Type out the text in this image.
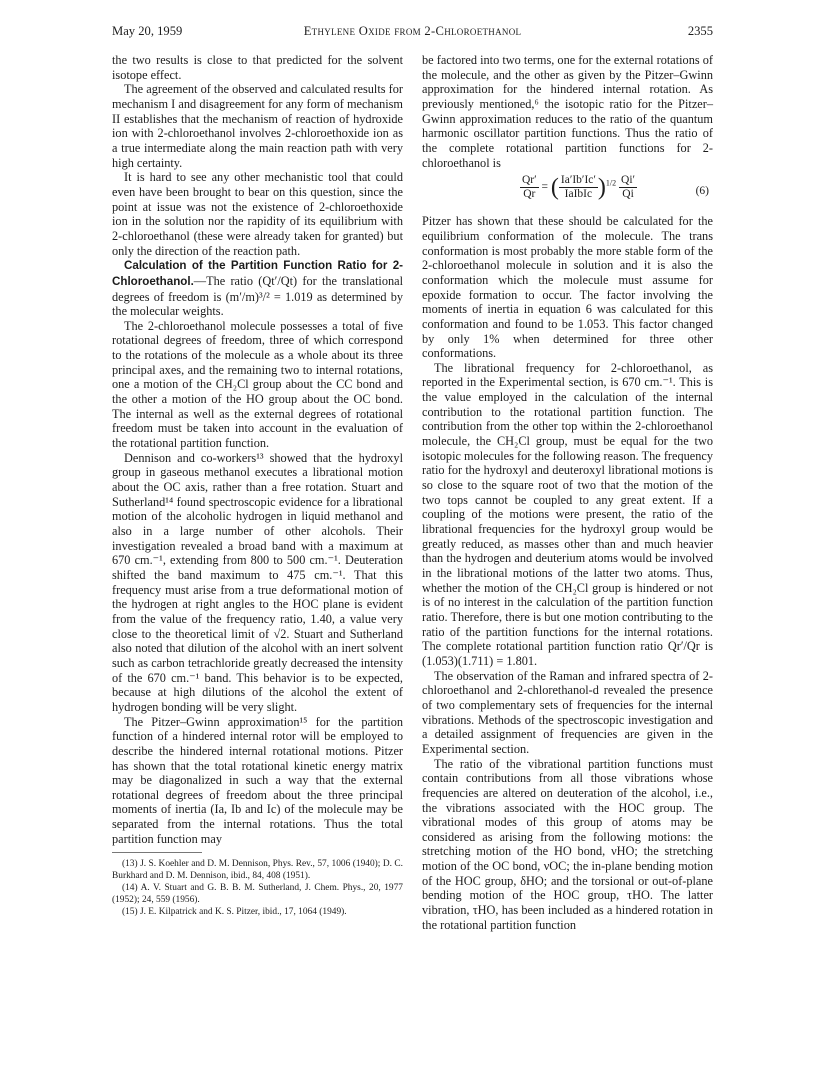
May 20, 1959	Ethylene Oxide from 2-Chloroethanol	2355

the two results is close to that predicted for the solvent isotope effect.

The agreement of the observed and calculated results for mechanism I and disagreement for any form of mechanism II establishes that the mechanism of reaction of hydroxide ion with 2-chloroethanol involves 2-chloroethoxide ion as a true intermediate along the main reaction path with very high certainty.

It is hard to see any other mechanistic tool that could even have been brought to bear on this question, since the point at issue was not the existence of 2-chloroethoxide ion in the solution nor the rapidity of its equilibrium with 2-chloroethanol (these were already taken for granted) but only the direction of the reaction path.

Calculation of the Partition Function Ratio for 2-Chloroethanol.—The ratio (Qt′/Qt) for the translational degrees of freedom is (m′/m)³/² = 1.019 as determined by the molecular weights.

The 2-chloroethanol molecule possesses a total of five rotational degrees of freedom, three of which correspond to the rotations of the molecule as a whole about its three principal axes, and the remaining two to internal rotations, one a motion of the CH₂Cl group about the CC bond and the other a motion of the HO group about the OC bond. The internal as well as the external degrees of rotational freedom must be taken into account in the evaluation of the rotational partition function.

Dennison and co-workers¹³ showed that the hydroxyl group in gaseous methanol executes a librational motion about the OC axis, rather than a free rotation. Stuart and Sutherland¹⁴ found spectroscopic evidence for a librational motion of the alcoholic hydrogen in liquid methanol and also in a large number of other alcohols. Their investigation revealed a broad band with a maximum at 670 cm.⁻¹, extending from 800 to 500 cm.⁻¹. Deuteration shifted the band maximum to 475 cm.⁻¹. That this frequency must arise from a true deformational motion of the hydrogen at right angles to the HOC plane is evident from the value of the frequency ratio, 1.40, a value very close to the theoretical limit of √2. Stuart and Sutherland also noted that dilution of the alcohol with an inert solvent such as carbon tetrachloride greatly decreased the intensity of the 670 cm.⁻¹ band. This behavior is to be expected, because at high dilutions of the alcohol the extent of hydrogen bonding will be very slight.

The Pitzer–Gwinn approximation¹⁵ for the partition function of a hindered internal rotor will be employed to describe the hindered internal rotational motions. Pitzer has shown that the total rotational kinetic energy matrix may be diagonalized in such a way that the external rotational degrees of freedom about the three principal moments of inertia (Ia, Ib and Ic) of the molecule may be separated from the internal rotations. Thus the total partition function may

(13) J. S. Koehler and D. M. Dennison, Phys. Rev., 57, 1006 (1940); D. C. Burkhard and D. M. Dennison, ibid., 84, 408 (1951).

(14) A. V. Stuart and G. B. B. M. Sutherland, J. Chem. Phys., 20, 1977 (1952); 24, 559 (1956).

(15) J. E. Kilpatrick and K. S. Pitzer, ibid., 17, 1064 (1949).

be factored into two terms, one for the external rotations of the molecule, and the other as given by the Pitzer–Gwinn approximation for the hindered internal rotation. As previously mentioned,⁶ the isotopic ratio for the Pitzer–Gwinn approximation reduces to the ratio of the quantum harmonic oscillator partition functions. Thus the ratio of the complete rotational partition functions for 2-chloroethanol is

$\frac{Qr'}{Qr}$ = ( $\frac{Ia'Ib'Ic'}{\text{IaIbIc}} )^{1/2} \frac{Qi'}{Qi}$	(6)

Pitzer has shown that these should be calculated for the equilibrium conformation of the molecule. The trans conformation is most probably the more stable form of the 2-chloroethanol molecule in solution and it is also the conformation which the molecule must assume for epoxide formation to occur. The factor involving the moments of inertia in equation 6 was calculated for this conformation and found to be 1.053. This factor changed by only 1% when determined for three other conformations.

The librational frequency for 2-chloroethanol, as reported in the Experimental section, is 670 cm.⁻¹. This is the value employed in the calculation of the internal contribution to the rotational partition function. The contribution from the other top within the 2-chloroethanol molecule, the CH₂Cl group, must be equal for the two isotopic molecules for the following reason. The frequency ratio for the hydroxyl and deuteroxyl librational motions is so close to the square root of two that the motion of the two tops cannot be coupled to any great extent. If a coupling of the motions were present, the ratio of the librational frequencies for the hydroxyl group would be greatly reduced, as masses other than and much heavier than the hydrogen and deuterium atoms would be involved in the librational motions of the latter two atoms. Thus, whether the motion of the CH₂Cl group is hindered or not is of no interest in the calculation of the partition function ratio. Therefore, there is but one motion contributing to the ratio of the partition functions for the internal rotations. The complete rotational partition function ratio Qr′/Qr is (1.053)(1.711) = 1.801.

The observation of the Raman and infrared spectra of 2-chloroethanol and 2-chlorethanol-d revealed the presence of two complementary sets of frequencies for the internal vibrations. Methods of the spectroscopic investigation and a detailed assignment of frequencies are given in the Experimental section.

The ratio of the vibrational partition functions must contain contributions from all those vibrations whose frequencies are altered on deuteration of the alcohol, i.e., the vibrations associated with the HOC group. The vibrational modes of this group of atoms may be considered as arising from the following motions: the stretching motion of the HO bond, νHO; the stretching motion of the OC bond, νOC; the in-plane bending motion of the HOC group, δHO; and the torsional or out-of-plane bending motion of the HOC group, τHO. The latter vibration, τHO, has been included as a hindered rotation in the rotational partition function
